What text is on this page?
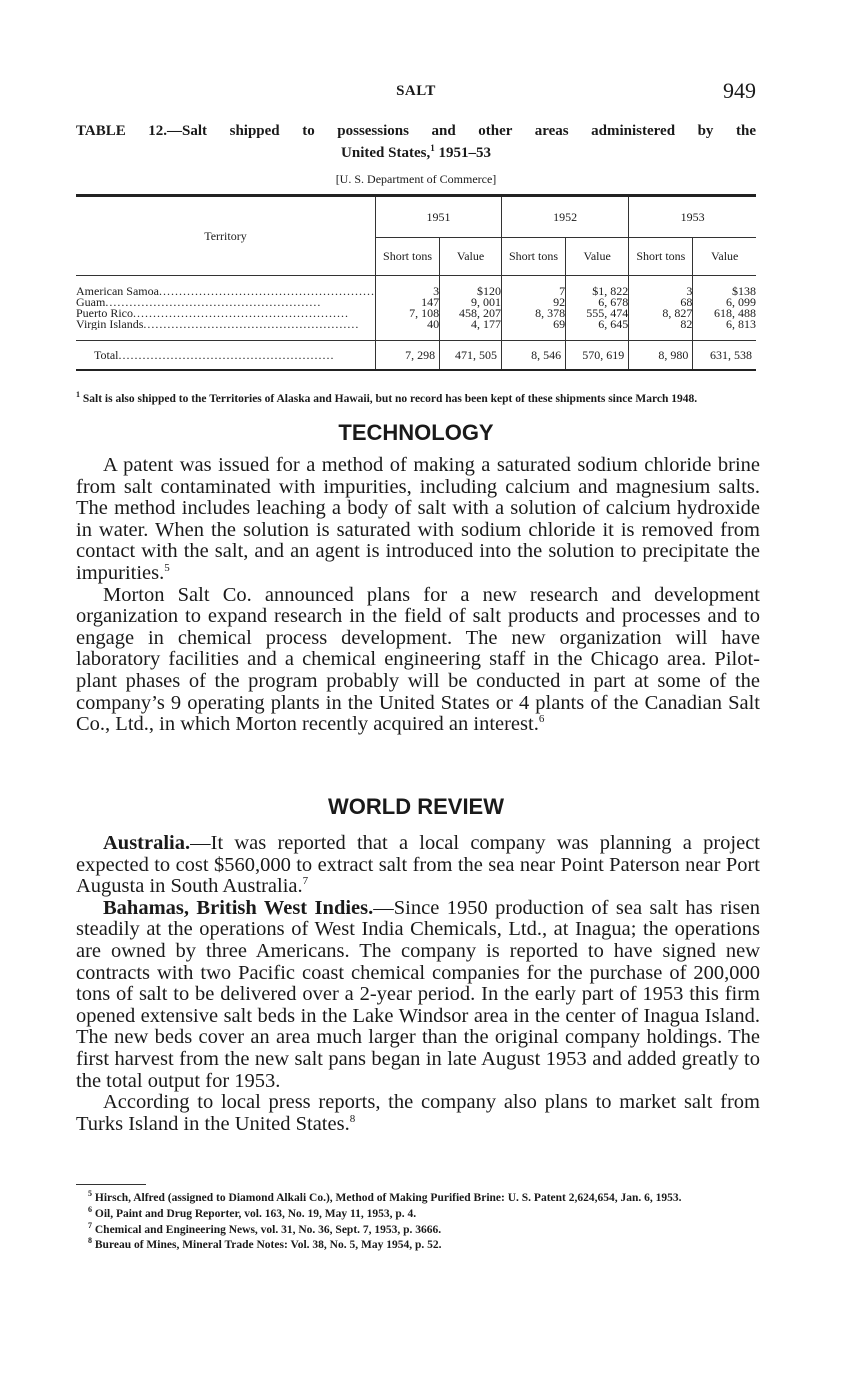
SALT	949
TABLE 12.—Salt shipped to possessions and other areas administered by the
United States,$^1$ 1951–53
[U. S. Department of Commerce]
Territory	1951		1952		1953	
	Short tons	Value	Short tons	Value	Short tons	Value

American Samoa .....	3	$120	7	$1, 822	3	$138
Guam .....	147	9, 001	92	6, 678	68	6, 099
Puerto Rico .....	7, 108	458, 207	8, 378	555, 474	8, 827	618, 488
Virgin Islands .....	40	4, 177	69	6, 645	82	6, 813

Total .....	7, 298	471, 505	8, 546	570, 619	8, 980	631, 538
$^1$ Salt is also shipped to the Territories of Alaska and Hawaii, but no record has been kept of these shipments since March 1948.
TECHNOLOGY

A patent was issued for a method of making a saturated sodium chloride brine from salt contaminated with impurities, including calcium and magnesium salts. The method includes leaching a body of salt with a solution of calcium hydroxide in water. When the solution is saturated with sodium chloride it is removed from contact with the salt, and an agent is introduced into the solution to precipitate the impurities.$^5$

Morton Salt Co. announced plans for a new research and development organization to expand research in the field of salt products and processes and to engage in chemical process development. The new organization will have laboratory facilities and a chemical engineering staff in the Chicago area. Pilot-plant phases of the program probably will be conducted in part at some of the company’s 9 operating plants in the United States or 4 plants of the Canadian Salt Co., Ltd., in which Morton recently acquired an interest.$^6$

WORLD REVIEW

Australia.—It was reported that a local company was planning a project expected to cost $560,000 to extract salt from the sea near Point Paterson near Port Augusta in South Australia.$^7$

Bahamas, British West Indies.—Since 1950 production of sea salt has risen steadily at the operations of West India Chemicals, Ltd., at Inagua; the operations are owned by three Americans. The company is reported to have signed new contracts with two Pacific coast chemical companies for the purchase of 200,000 tons of salt to be delivered over a 2-year period. In the early part of 1953 this firm opened extensive salt beds in the Lake Windsor area in the center of Inagua Island. The new beds cover an area much larger than the original company holdings. The first harvest from the new salt pans began in late August 1953 and added greatly to the total output for 1953.

According to local press reports, the company also plans to market salt from Turks Island in the United States.$^8$

$^5$ Hirsch, Alfred (assigned to Diamond Alkali Co.), Method of Making Purified Brine: U. S. Patent 2,624,654, Jan. 6, 1953.
$^6$ Oil, Paint and Drug Reporter, vol. 163, No. 19, May 11, 1953, p. 4.
$^7$ Chemical and Engineering News, vol. 31, No. 36, Sept. 7, 1953, p. 3666.
$^8$ Bureau of Mines, Mineral Trade Notes: Vol. 38, No. 5, May 1954, p. 52.
